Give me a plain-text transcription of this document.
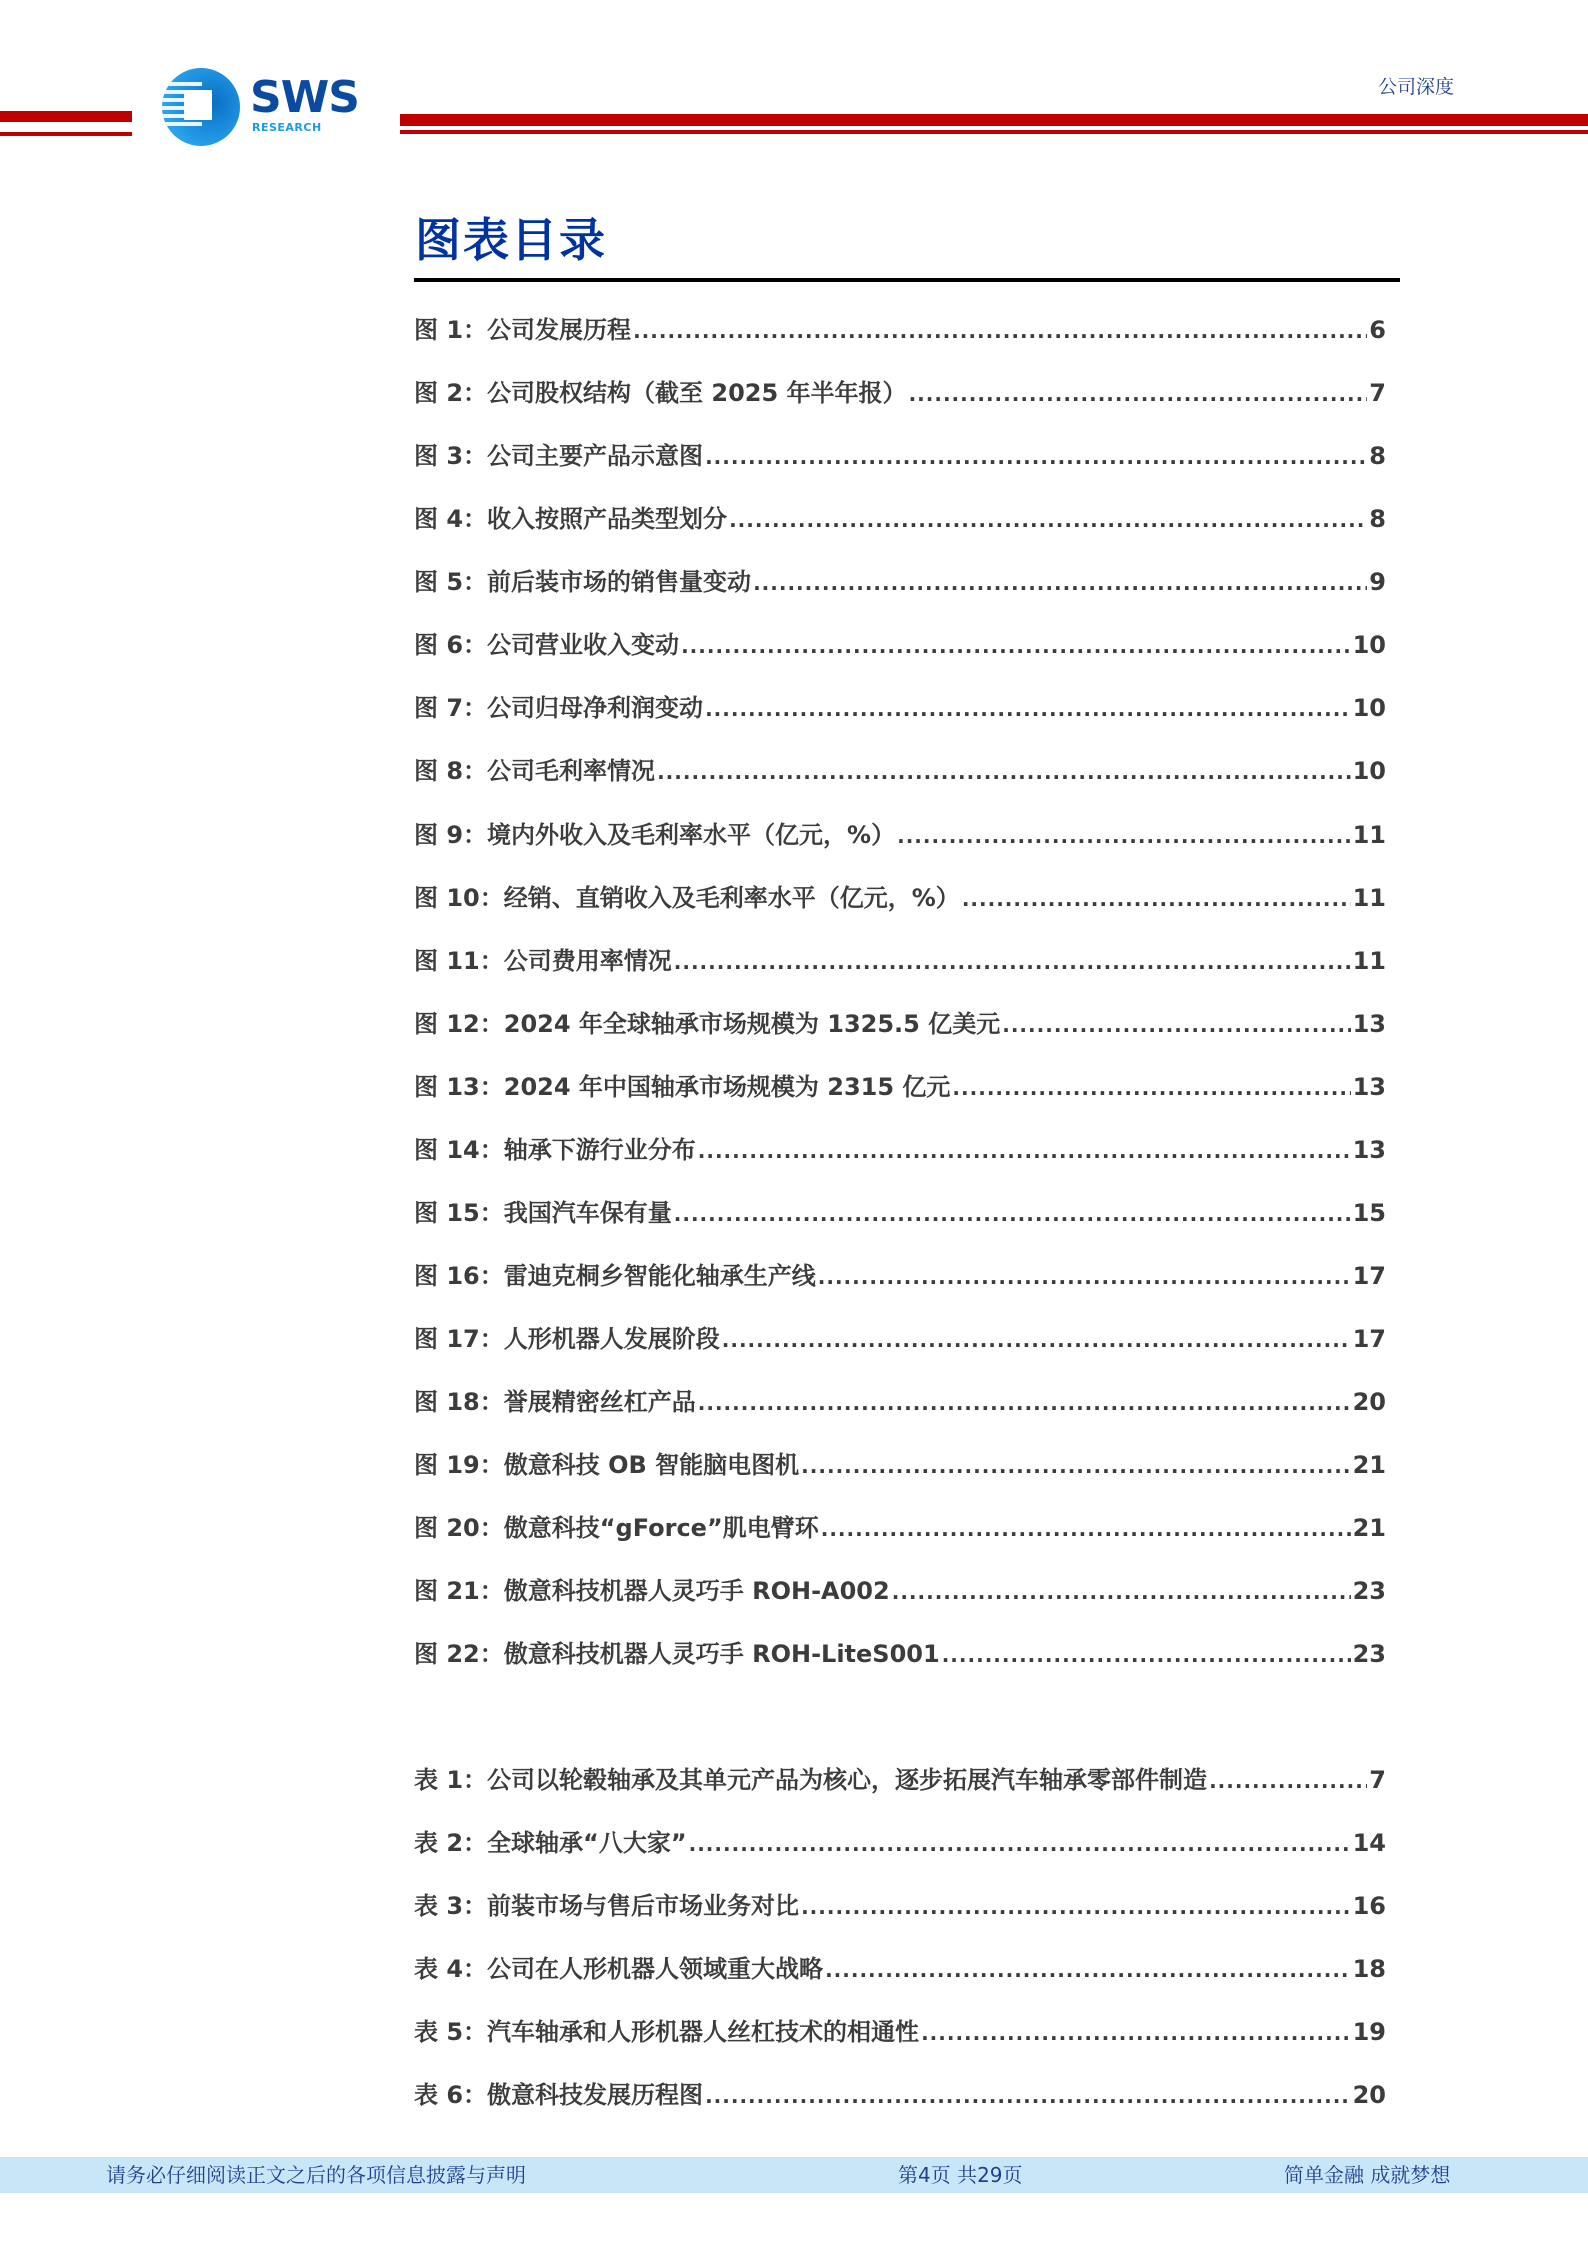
SWS
RESEARCH
公司深度
图表目录
图 1：公司发展历程 .....	6
图 2：公司股权结构（截至 2025 年半年报） .....	7
图 3：公司主要产品示意图 .....	8
图 4：收入按照产品类型划分 .....	8
图 5：前后装市场的销售量变动 .....	9
图 6：公司营业收入变动 .....	10
图 7：公司归母净利润变动 .....	10
图 8：公司毛利率情况 .....	10
图 9：境内外收入及毛利率水平（亿元，%） .....	11
图 10：经销、直销收入及毛利率水平（亿元，%） .....	11
图 11：公司费用率情况 .....	11
图 12：2024 年全球轴承市场规模为 1325.5 亿美元 .....	13
图 13：2024 年中国轴承市场规模为 2315 亿元 .....	13
图 14：轴承下游行业分布 .....	13
图 15：我国汽车保有量 .....	15
图 16：雷迪克桐乡智能化轴承生产线 .....	17
图 17：人形机器人发展阶段 .....	17
图 18：誉展精密丝杠产品 .....	20
图 19：傲意科技 OB 智能脑电图机 .....	21
图 20：傲意科技“gForce”肌电臂环 .....	21
图 21：傲意科技机器人灵巧手 ROH-A002 .....	23
图 22：傲意科技机器人灵巧手 ROH-LiteS001 .....	23
表 1：公司以轮毂轴承及其单元产品为核心，逐步拓展汽车轴承零部件制造 .....	7
表 2：全球轴承“八大家” .....	14
表 3：前装市场与售后市场业务对比 .....	16
表 4：公司在人形机器人领域重大战略 .....	18
表 5：汽车轴承和人形机器人丝杠技术的相通性 .....	19
表 6：傲意科技发展历程图 .....	20
请务必仔细阅读正文之后的各项信息披露与声明	第4页 共29页	简单金融 成就梦想
